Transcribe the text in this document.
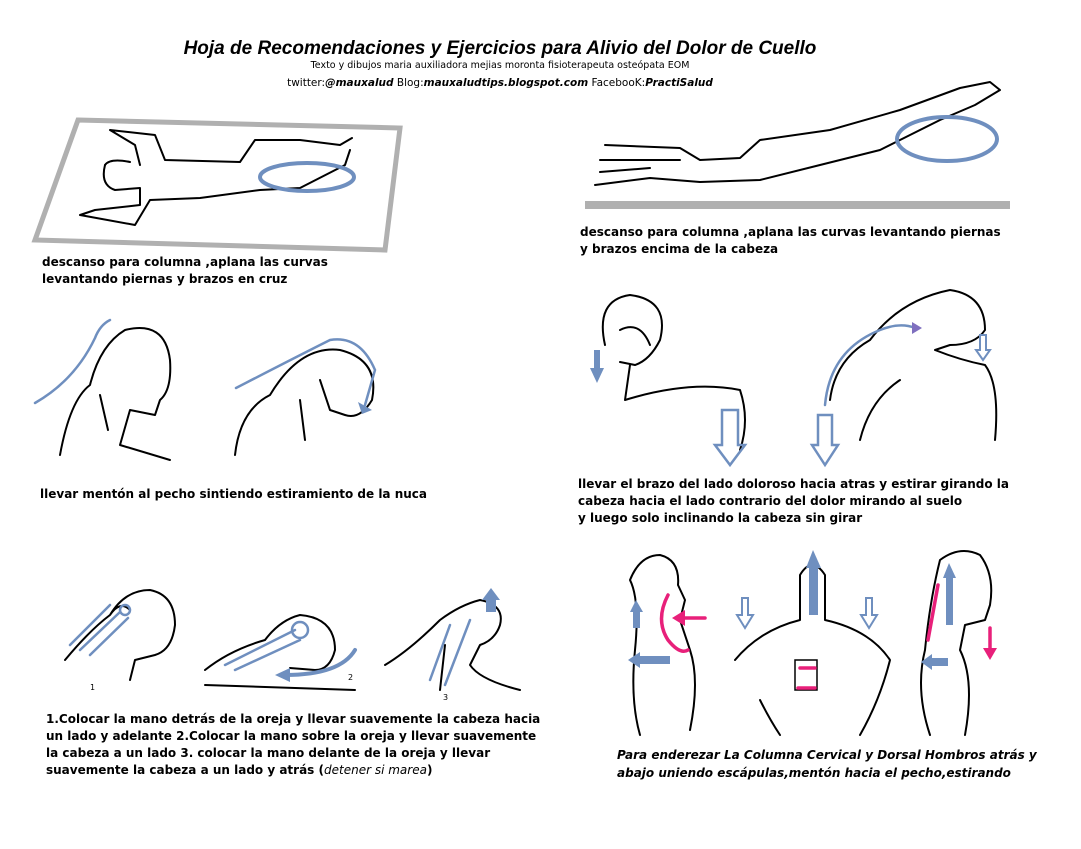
Hoja de Recomendaciones y Ejercicios para Alivio del Dolor de Cuello
Texto y dibujos maria auxiliadora mejias moronta fisioterapeuta osteópata EOM
twitter:@mauxalud Blog:mauxaludtips.blogspot.com FacebooK:PractiSalud
1
2
3
descanso para columna ,aplana las curvas
levantando piernas y brazos en cruz
descanso para columna ,aplana las curvas levantando piernas
y brazos encima de la cabeza
llevar mentón al pecho sintiendo estiramiento de la nuca
llevar el brazo del lado doloroso hacia atras y estirar girando la
cabeza hacia el lado contrario del dolor mirando al suelo
y luego solo inclinando la cabeza sin girar
1.Colocar la mano detrás de la oreja y llevar suavemente la cabeza hacia un lado y adelante 2.Colocar la mano sobre la oreja y llevar suavemente la cabeza a un lado 3. colocar la mano delante de la oreja y llevar suavemente la cabeza a un lado y atrás (detener si marea)
Para enderezar La Columna Cervical y Dorsal Hombros atrás y
abajo uniendo escápulas,mentón hacia el pecho,estirando
